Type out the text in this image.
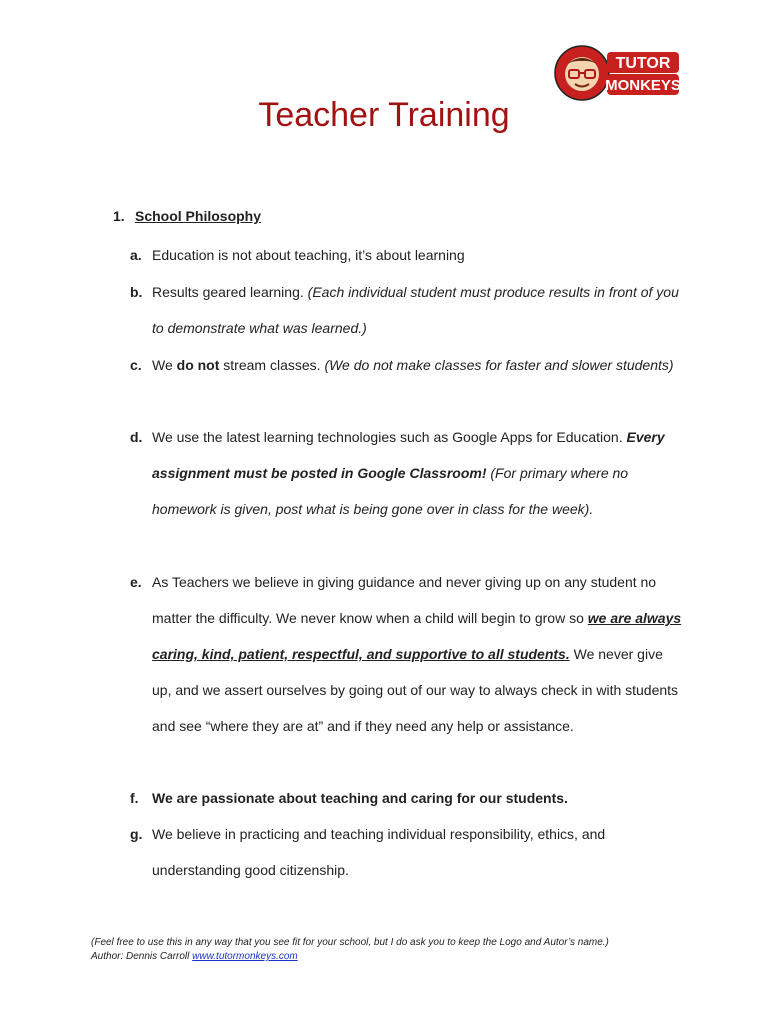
TUTOR
MONKEYS
Teacher Training
1. School Philosophy
a. Education is not about teaching, it’s about learning
b. Results geared learning. (Each individual student must produce results in front of you to demonstrate what was learned.)
c. We do not stream classes. (We do not make classes for faster and slower students)
d. We use the latest learning technologies such as Google Apps for Education. Every assignment must be posted in Google Classroom! (For primary where no homework is given, post what is being gone over in class for the week).
e. As Teachers we believe in giving guidance and never giving up on any student no matter the difficulty. We never know when a child will begin to grow so we are always caring, kind, patient, respectful, and supportive to all students. We never give up, and we assert ourselves by going out of our way to always check in with students and see “where they are at” and if they need any help or assistance.
f. We are passionate about teaching and caring for our students.
g. We believe in practicing and teaching individual responsibility, ethics, and understanding good citizenship.
(Feel free to use this in any way that you see fit for your school, but I do ask you to keep the Logo and Autor’s name.)
Author: Dennis Carroll www.tutormonkeys.com
